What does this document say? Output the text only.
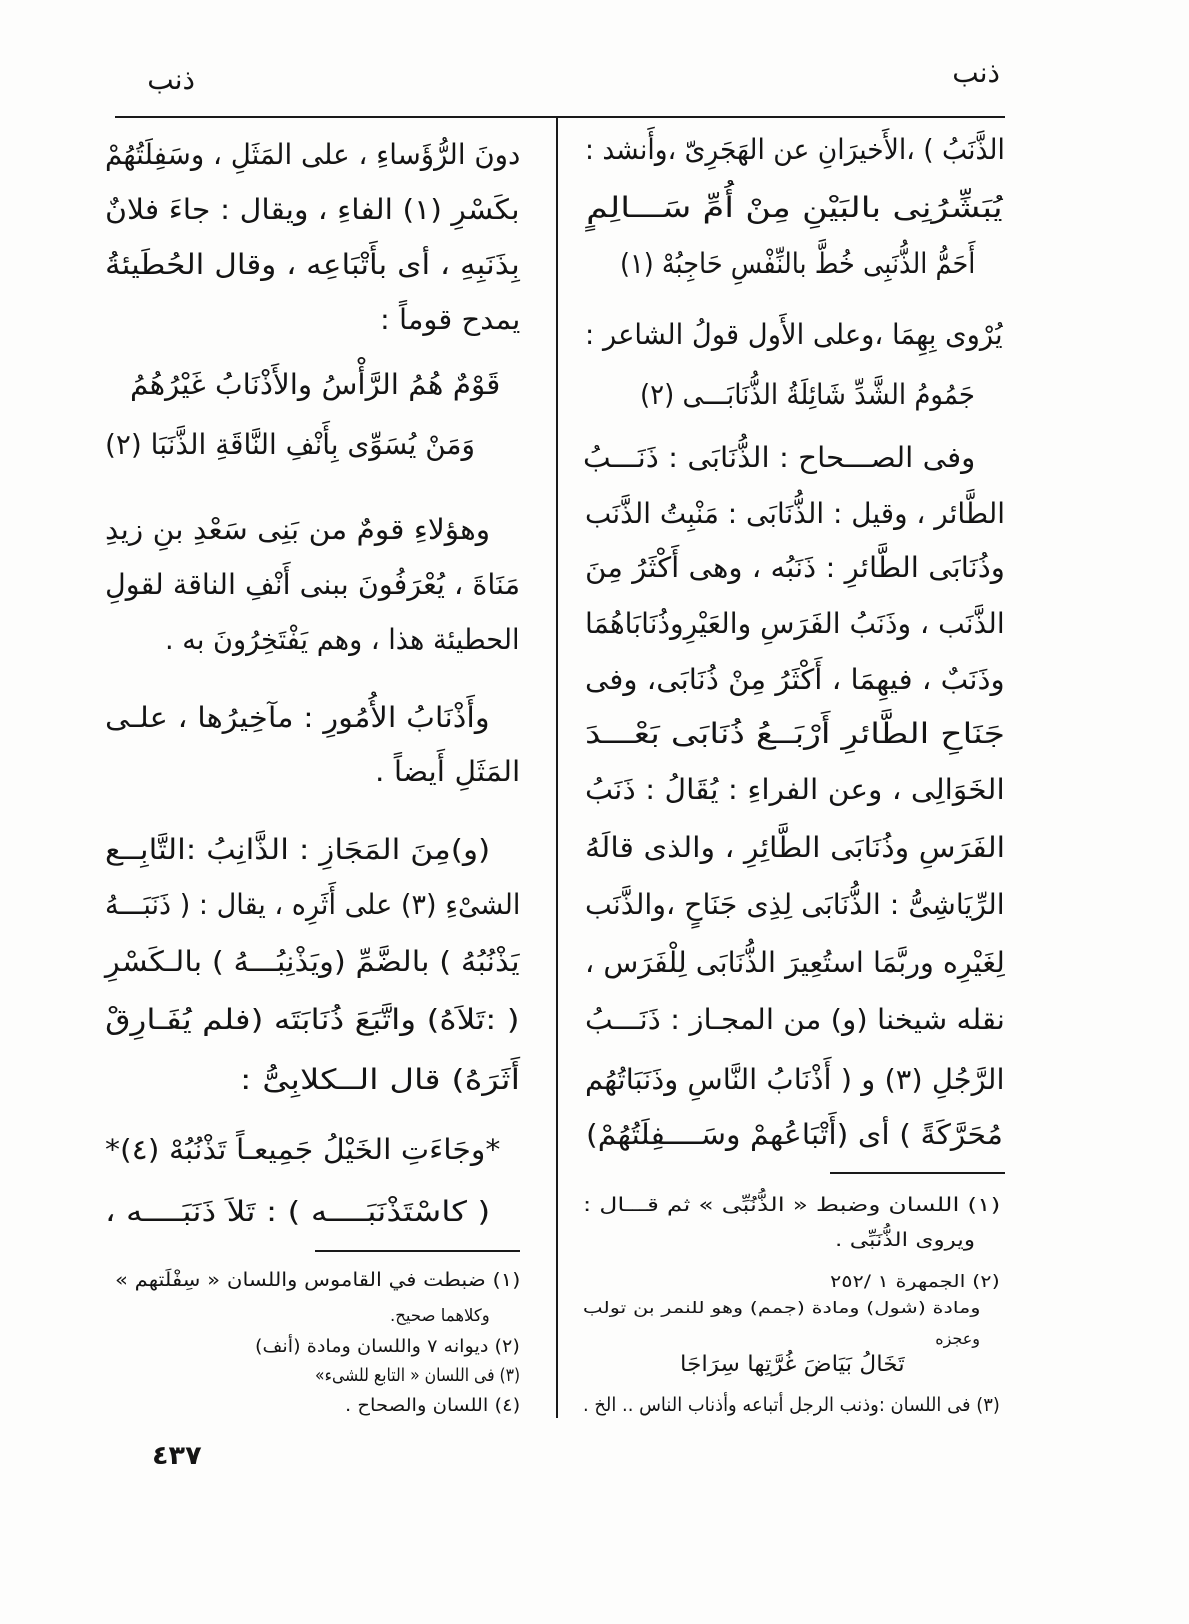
ذنب
ذنب
الذَّنَبُ ) ،الأَخيرَانِ عن الهَجَرِىّ ،وأَنشد :
يُبَشِّرُنِى بالبَيْنِ مِنْ أُمِّ سَـــالِمٍ
أَحَمُّ الذُّنَبِى خُطَّ بالنِّفْسِ حَاجِبُهْ (١)
يُرْوى بِهِمَا ،وعلى الأَول قولُ الشاعر :
جَمُومُ الشَّدِّ شَائِلَةُ الذُّنَابَـــى (٢)
وفى الصـــحاح : الذُّنَابَى : ذَنَـــبُ
الطَّائر ، وقيل : الذُّنَابَى : مَنْبِتُ الذَّنَب
وذُنَابَى الطَّائرِ : ذَنَبُه ، وهى أَكْثَرُ مِنَ
الذَّنَب ، وذَنَبُ الفَرَسِ والعَيْرِوذُنَابَاهُمَا
وذَنَبٌ ، فيهِمَا ، أَكْثَرُ مِنْ ذُنَابَى، وفى
جَنَاحِ الطَّائرِ أَرْبَــعُ ذُنَابَى بَعْـــدَ
الخَوَالِى ، وعن الفراءِ : يُقَالُ : ذَنَبُ
الفَرَسِ وذُنَابَى الطَّائِرِ ، والذى قالَهُ
الرِّيَاشِىُّ : الذُّنَابَى لِذِى جَنَاحٍ ،والذَّنَب
لِغَيْرِه وربَّمَا استُعِيرَ الذُّنَابَى لِلْفَرَس ،
نقله شيخنا (و) من المجـاز : ذَنَـــبُ
الرَّجُلِ (٣) و ( أَذْنَابُ النَّاسِ وذَنَبَاتُهُم
مُحَرَّكَةً ) أى (أَتْبَاعُهمْ وسَــــفِلَتُهُمْ)
(١) اللسان وضبط « الذُّنُبِّى » ثم قـــال :
ويروى الذُّنَبِّى .
(٢) الجمهرة ١ /٢٥٢
ومادة (شول) ومادة (جمم) وهو للنمر بن تولب
وعجزه
تَخَالُ بَيَاضَ غُرَّتِها سِرَاجَا
(٣) فى اللسان :وذنب الرجل أتباعه وأذناب الناس .. الخ .
دونَ الرُّؤَساءِ ، على المَثَلِ ، وسَفِلَتُهُمْ
بكَسْرِ (١) الفاءِ ، ويقال : جاءَ فلانٌ
بِذَنَبِهِ ، أى بأَتْبَاعِه ، وقال الحُطَيئةُ
يمدح قوماً :
قَوْمٌ هُمُ الرَّأْسُ والأَذْنَابُ غَيْرُهُمُ
وَمَنْ يُسَوِّى بِأَنْفِ النَّاقَةِ الذَّنَبَا (٢)
وهؤلاءِ قومٌ من بَنِى سَعْدِ بنِ زيدِ
مَنَاةَ ، يُعْرَفُونَ ببنى أَنْفِ الناقة لقولِ
الحطيئة هذا ، وهم يَفْتَخِرُونَ به .
وأَذْنَابُ الأُمُورِ : مآخِيرُها ، علـى
المَثَلِ أَيضاً .
(و)مِنَ المَجَازِ : الذَّانِبُ :التَّابِــع
الشىْءِ (٣) على أَثَرِه ، يقال : ( ذَنَبَـــهُ
يَذْنُبُهُ ) بالضَّمِّ (ويَذْنِبُـــهُ ) بالـكَسْرِ
( :تَلاَهُ) واتَّبَعَ ذُنَابَتَه (فلم يُفَـارِقْ
أَثَرَهُ) قال الــكلابِىُّ :
*وجَاءَتِ الخَيْلُ جَمِيعـاً تَذْنُبُهْ (٤)*
( كاسْتَذْنَبَــــه ) : تَلاَ ذَنَبَــــه ،
(١) ضبطت في القاموس واللسان « سِفْلَتهم »
وكلاهما صحيح.
(٢) ديوانه ٧ واللسان ومادة (أنف)
(٣) فى اللسان « التابع للشىء»
(٤) اللسان والصحاح .
٤٣٧
